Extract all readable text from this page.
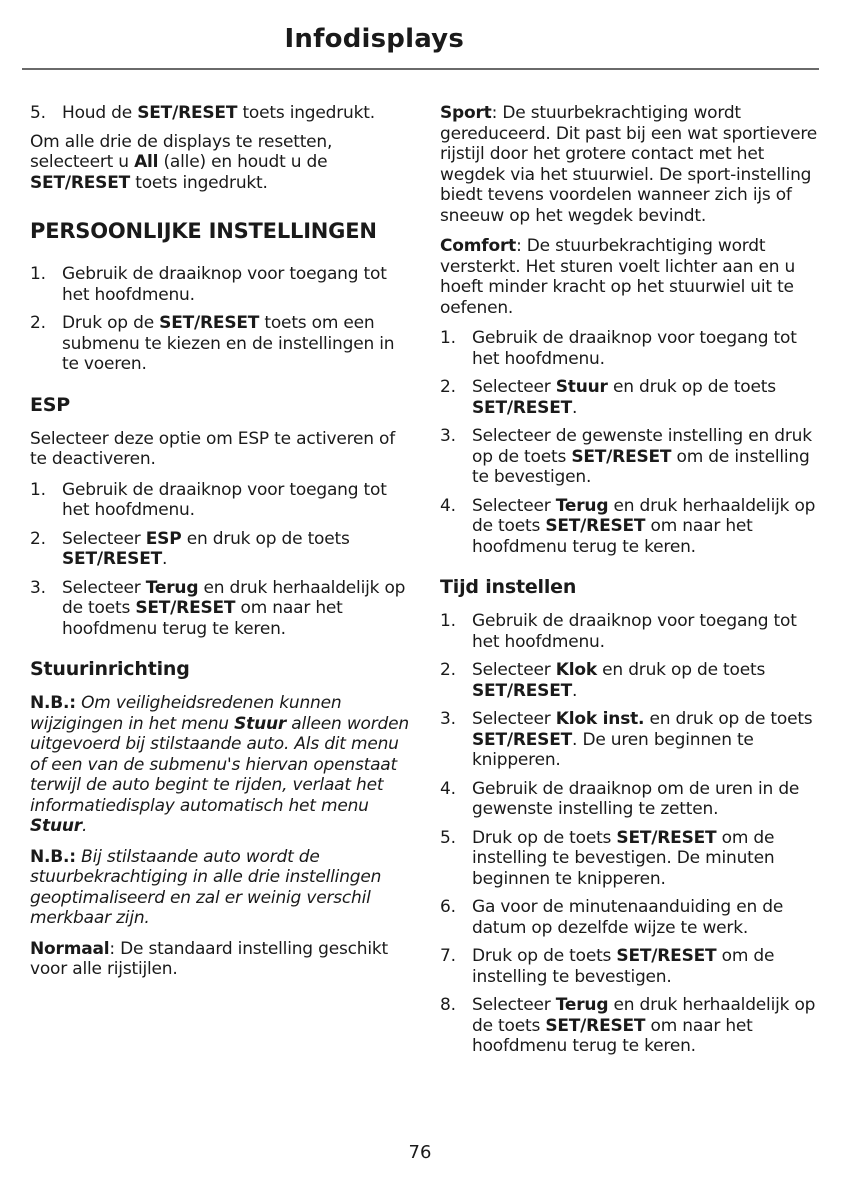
Infodisplays
5 .	Houd de SET/RESET toets ingedrukt.

Om alle drie de displays te resetten, selecteert u All (alle) en houdt u de SET/RESET toets ingedrukt.

PERSOONLIJKE INSTELLINGEN
1 .	Gebruik de draaiknop voor toegang tot het hoofdmenu.
2 .	Druk op de SET/RESET toets om een submenu te kiezen en de instellingen in te voeren.
ESP

Selecteer deze optie om ESP te activeren of te deactiveren.

1 .	Gebruik de draaiknop voor toegang tot het hoofdmenu.
2 .	Selecteer ESP en druk op de toets SET/RESET.
3 .	Selecteer Terug en druk herhaaldelijk op de toets SET/RESET om naar het hoofdmenu terug te keren.
Stuurinrichting

N.B.: Om veiligheidsredenen kunnen wijzigingen in het menu Stuur alleen worden uitgevoerd bij stilstaande auto. Als dit menu of een van de submenu's hiervan openstaat terwijl de auto begint te rijden, verlaat het informatiedisplay automatisch het menu Stuur.

N.B.: Bij stilstaande auto wordt de stuurbekrachtiging in alle drie instellingen geoptimaliseerd en zal er weinig verschil merkbaar zijn.

Normaal: De standaard instelling geschikt voor alle rijstijlen.

Sport: De stuurbekrachtiging wordt gereduceerd. Dit past bij een wat sportievere rijstijl door het grotere contact met het wegdek via het stuurwiel. De sport-instelling biedt tevens voordelen wanneer zich ijs of sneeuw op het wegdek bevindt.

Comfort: De stuurbekrachtiging wordt versterkt. Het sturen voelt lichter aan en u hoeft minder kracht op het stuurwiel uit te oefenen.

1 .	Gebruik de draaiknop voor toegang tot het hoofdmenu.
2 .	Selecteer Stuur en druk op de toets SET/RESET.
3 .	Selecteer de gewenste instelling en druk op de toets SET/RESET om de instelling te bevestigen.
4 .	Selecteer Terug en druk herhaaldelijk op de toets SET/RESET om naar het hoofdmenu terug te keren.
Tijd instellen
1 .	Gebruik de draaiknop voor toegang tot het hoofdmenu.
2 .	Selecteer Klok en druk op de toets SET/RESET.
3 .	Selecteer Klok inst. en druk op de toets SET/RESET. De uren beginnen te knipperen.
4 .	Gebruik de draaiknop om de uren in de gewenste instelling te zetten.
5 .	Druk op de toets SET/RESET om de instelling te bevestigen. De minuten beginnen te knipperen.
6 .	Ga voor de minutenaanduiding en de datum op dezelfde wijze te werk.
7 .	Druk op de toets SET/RESET om de instelling te bevestigen.
8 .	Selecteer Terug en druk herhaaldelijk op de toets SET/RESET om naar het hoofdmenu terug te keren.
76
